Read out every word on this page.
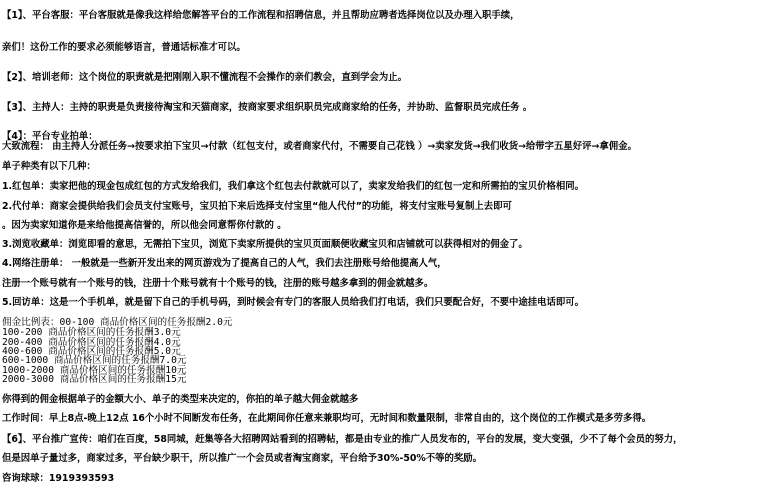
【1】、平台客服：平台客服就是像我这样给您解答平台的工作流程和招聘信息，并且帮助应聘者选择岗位以及办理入职手续，
亲们！这份工作的要求必须能够语言，普通话标准才可以。
【2】、培训老师：这个岗位的职责就是把刚刚入职不懂流程不会操作的亲们教会，直到学会为止。
【3】、主持人：主持的职责是负责接待淘宝和天猫商家，按商家要求组织职员完成商家给的任务，并协助、监督职员完成任务 。
【4】：平台专业拍单：
大致流程： 由主持人分派任务→按要求拍下宝贝→付款（红包支付，或者商家代付，不需要自己花钱 ）→卖家发货→我们收货→给带字五星好评→拿佣金。
单子种类有以下几种：
1.红包单：卖家把他的现金包成红包的方式发给我们，我们拿这个红包去付款就可以了，卖家发给我们的红包一定和所需拍的宝贝价格相同。
2.代付单：商家会提供给我们会员支付宝账号，宝贝拍下来后选择支付宝里“他人代付”的功能，将支付宝账号复制上去即可
。因为卖家知道你是来给他提高信誉的，所以他会同意帮你付款的 。
3.浏览收藏单：浏览即看的意思，无需拍下宝贝，浏览下卖家所提供的宝贝页面顺便收藏宝贝和店铺就可以获得相对的佣金了。
4.网络注册单： 一般就是一些新开发出来的网页游戏为了提高自己的人气，我们去注册账号给他提高人气，
注册一个账号就有一个账号的钱，注册十个账号就有十个账号的钱，注册的账号越多拿到的佣金就越多。
5.回访单：这是一个手机单，就是留下自己的手机号码，到时候会有专门的客服人员给我们打电话，我们只要配合好，不要中途挂电话即可。
佣金比例表：00-100 商品价格区间的任务报酬2.0元
100-200 商品价格区间的任务报酬3.0元
200-400 商品价格区间的任务报酬4.0元
400-600 商品价格区间的任务报酬5.0元
600-1000 商品价格区间的任务报酬7.0元
1000-2000 商品价格区间的任务报酬10元
2000-3000 商品价格区间的任务报酬15元
你得到的佣金根据单子的金额大小、单子的类型来决定的，你拍的单子越大佣金就越多
工作时间：早上8点-晚上12点 16个小时不间断发布任务，在此期间你任意来兼职均可，无时间和数量限制，非常自由的，这个岗位的工作模式是多劳多得。
【6】、平台推广宣传：咱们在百度，58同城，赶集等各大招聘网站看到的招聘帖，都是由专业的推广人员发布的，平台的发展，变大变强，少不了每个会员的努力，
但是因单子量过多，商家过多，平台缺少职干，所以推广一个会员或者淘宝商家，平台给予30%-50%不等的奖励。
咨询球球：1919393593
